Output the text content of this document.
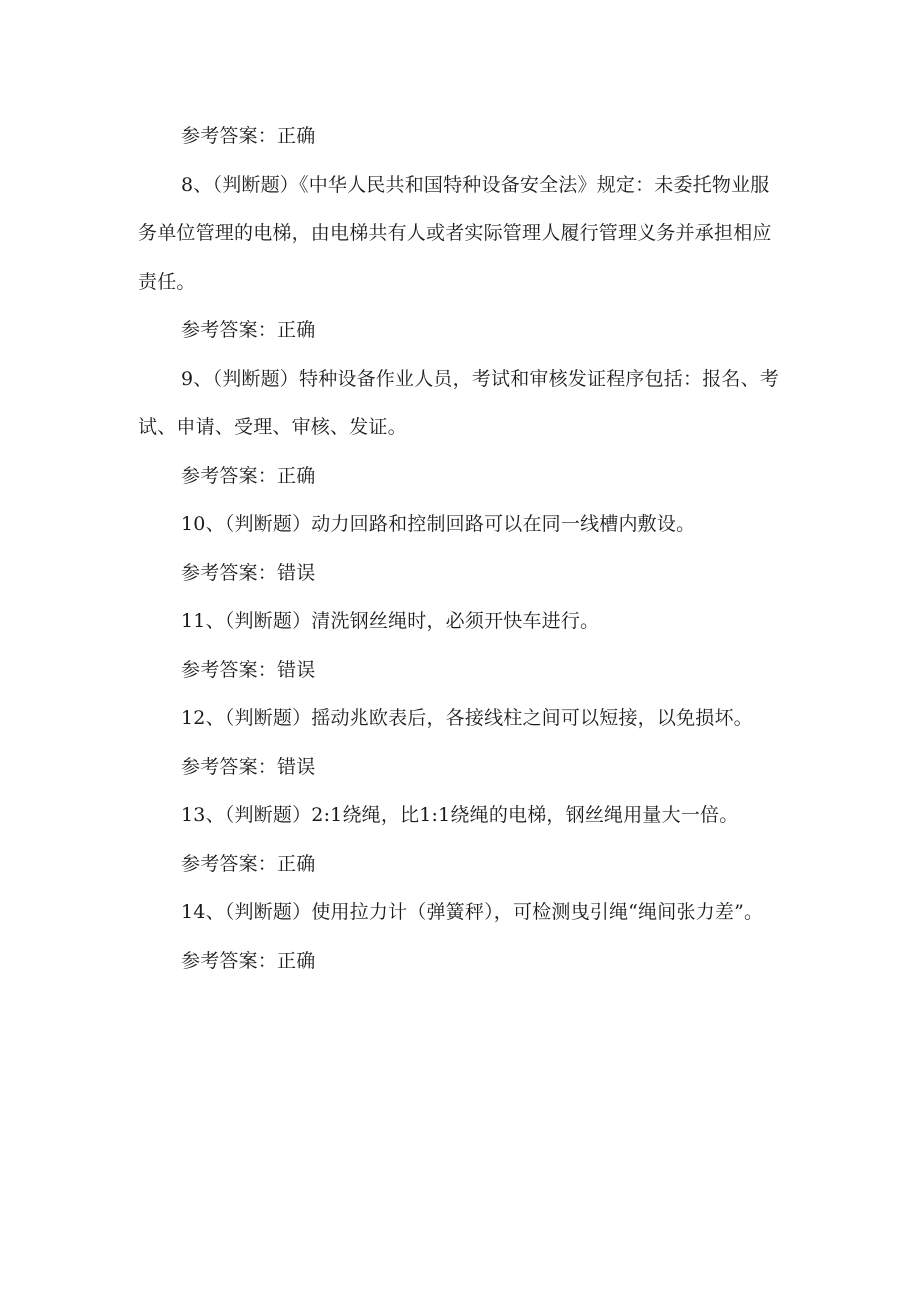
参考答案：正确

8、（判断题）《中华人民共和国特种设备安全法》规定：未委托物业服务单位管理的电梯，由电梯共有人或者实际管理人履行管理义务并承担相应责任。

参考答案：正确

9、（判断题）特种设备作业人员，考试和审核发证程序包括：报名、考试、申请、受理、审核、发证。

参考答案：正确

10、（判断题）动力回路和控制回路可以在同一线槽内敷设。

参考答案：错误

11、（判断题）清洗钢丝绳时，必须开快车进行。

参考答案：错误

12、（判断题）摇动兆欧表后，各接线柱之间可以短接，以免损坏。

参考答案：错误

13、（判断题）2:1绕绳，比1:1绕绳的电梯，钢丝绳用量大一倍。

参考答案：正确

14、（判断题）使用拉力计（弹簧秤），可检测曳引绳“绳间张力差”。

参考答案：正确
